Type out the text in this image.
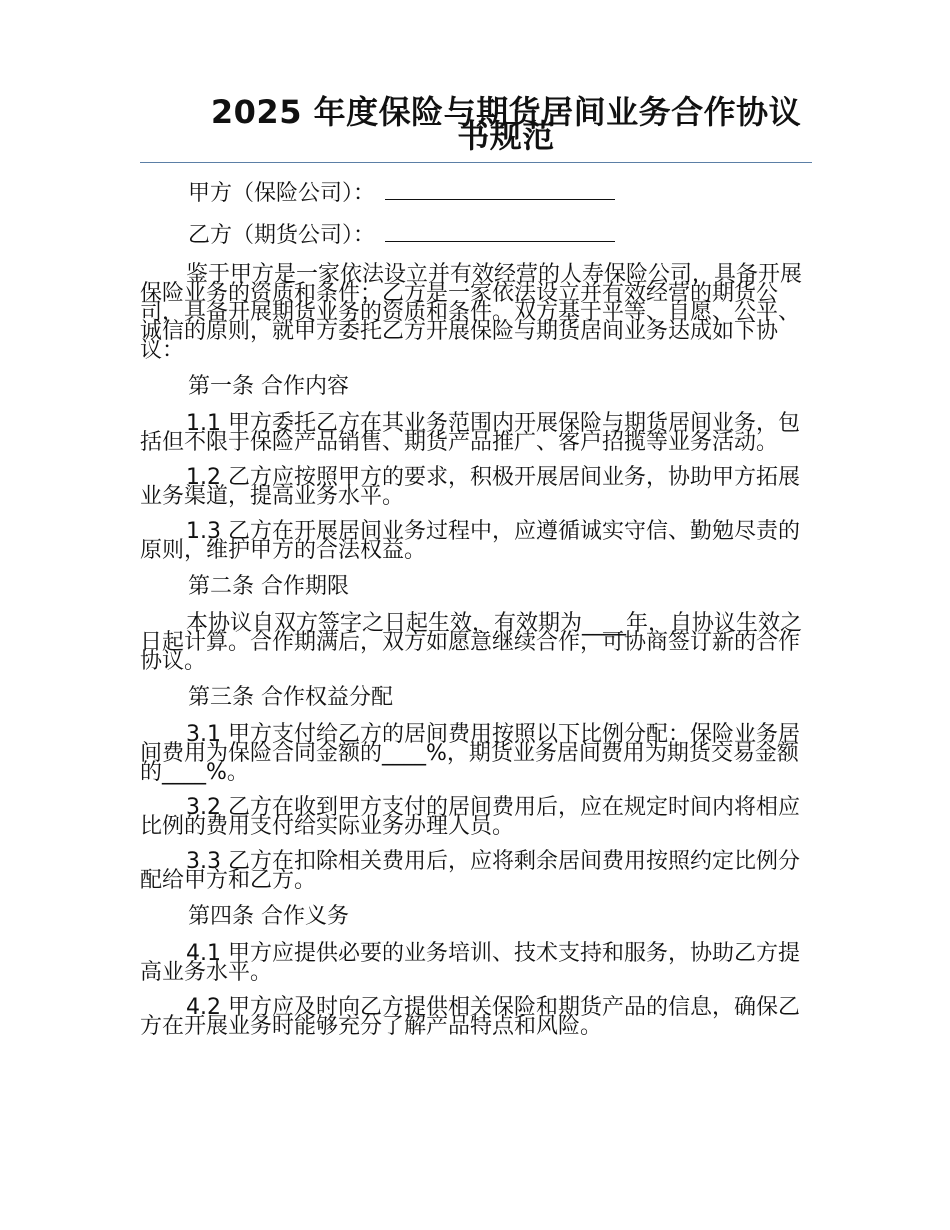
2025 年度保险与期货居间业务合作协议书规范

甲方（保险公司）：

乙方（期货公司）：

鉴于甲方是一家依法设立并有效经营的人寿保险公司，具备开展保险业务的资质和条件；乙方是一家依法设立并有效经营的期货公司，具备开展期货业务的资质和条件。双方基于平等、自愿、公平、诚信的原则，就甲方委托乙方开展保险与期货居间业务达成如下协议：

第一条 合作内容

1.1 甲方委托乙方在其业务范围内开展保险与期货居间业务，包括但不限于保险产品销售、期货产品推广、客户招揽等业务活动。

1.2 乙方应按照甲方的要求，积极开展居间业务，协助甲方拓展业务渠道，提高业务水平。

1.3 乙方在开展居间业务过程中，应遵循诚实守信、勤勉尽责的原则，维护甲方的合法权益。

第二条 合作期限

本协议自双方签字之日起生效，有效期为____年，自协议生效之日起计算。合作期满后，双方如愿意继续合作，可协商签订新的合作协议。

第三条 合作权益分配

3.1 甲方支付给乙方的居间费用按照以下比例分配：保险业务居间费用为保险合同金额的____%，期货业务居间费用为期货交易金额的____%。

3.2 乙方在收到甲方支付的居间费用后，应在规定时间内将相应比例的费用支付给实际业务办理人员。

3.3 乙方在扣除相关费用后，应将剩余居间费用按照约定比例分配给甲方和乙方。

第四条 合作义务

4.1 甲方应提供必要的业务培训、技术支持和服务，协助乙方提高业务水平。

4.2 甲方应及时向乙方提供相关保险和期货产品的信息，确保乙方在开展业务时能够充分了解产品特点和风险。
